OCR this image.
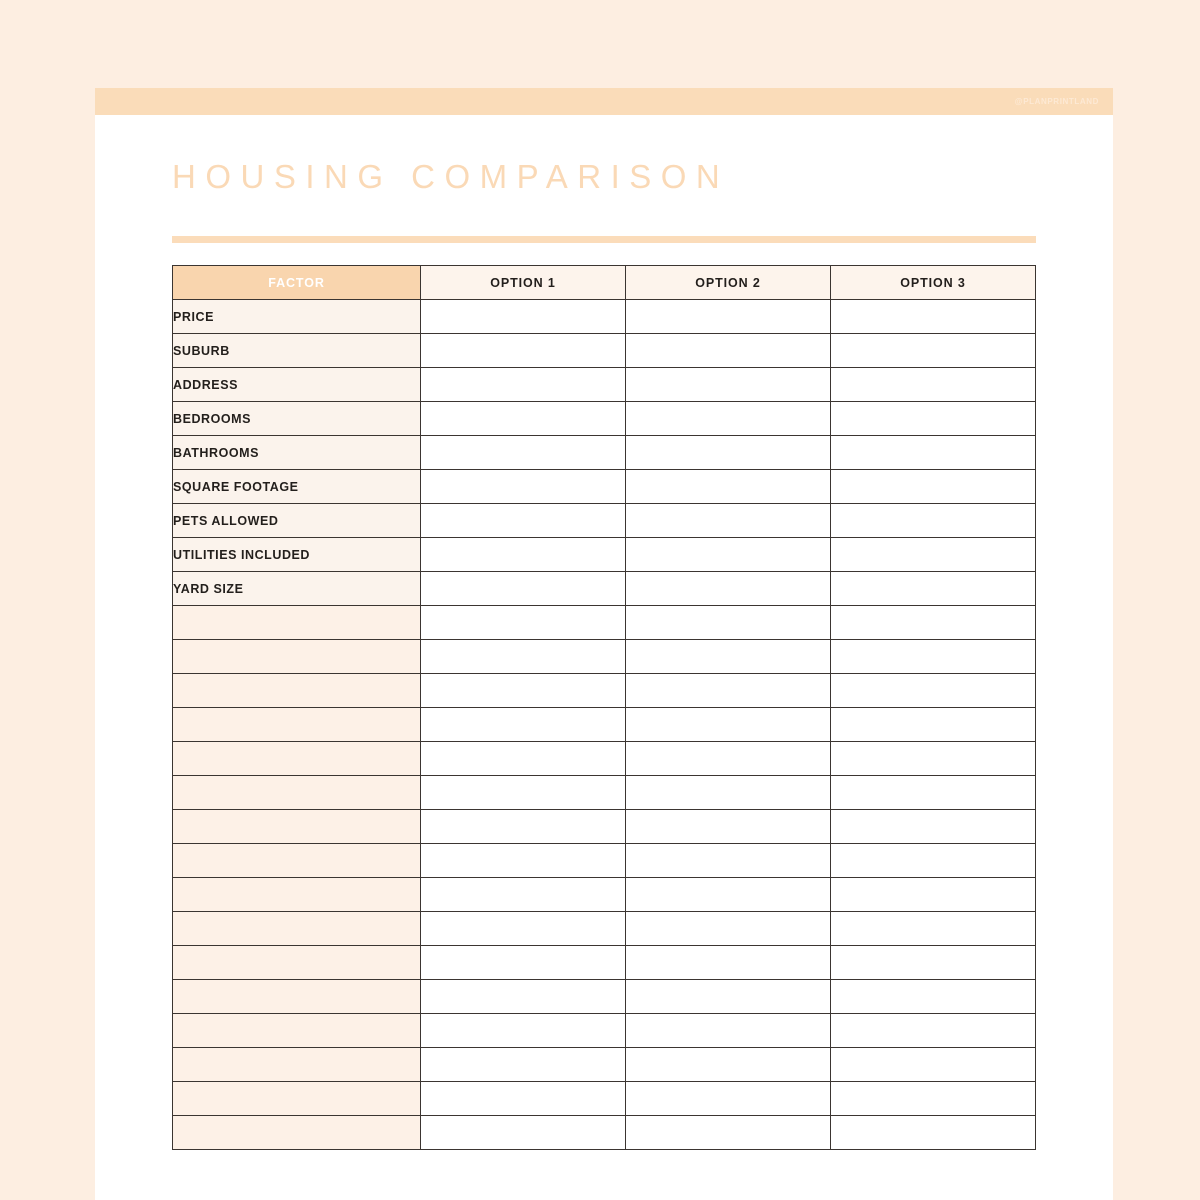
@PLANPRINTLAND
HOUSING COMPARISON
FACTOR	OPTION 1	OPTION 2	OPTION 3
PRICE			
SUBURB			
ADDRESS			
BEDROOMS			
BATHROOMS			
SQUARE FOOTAGE			
PETS ALLOWED			
UTILITIES INCLUDED			
YARD SIZE			
